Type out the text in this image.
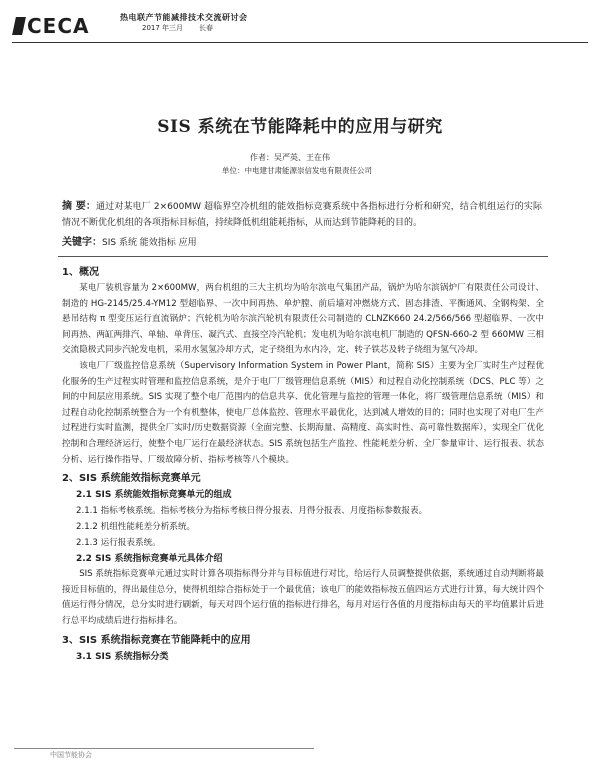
CECA	热电联产节能减排技术交流研讨会
2017 年三月 长春
SIS 系统在节能降耗中的应用与研究
作者：吴严英、王在伟
单位：中电建甘肃能源崇信发电有限责任公司
摘 要：通过对某电厂 2×600MW 超临界空冷机组的能效指标竞赛系统中各指标进行分析和研究，结合机组运行的实际情况不断优化机组的各项指标目标值，持续降低机组能耗指标，从而达到节能降耗的目的。
关键字：SIS 系统 能效指标 应用
1、概况

某电厂装机容量为 2×600MW，两台机组的三大主机均为哈尔滨电气集团产品，锅炉为哈尔滨锅炉厂有限责任公司设计、制造的 HG-2145/25.4-YM12 型超临界、一次中间再热、单炉膛、前后墙对冲燃烧方式、固态排渣、平衡通风、全钢构架、全悬吊结构 π 型变压运行直流锅炉；汽轮机为哈尔滨汽轮机有限责任公司制造的 CLNZK660 24.2/566/566 型超临界、一次中间再热、两缸两排汽、单轴、单背压、凝汽式、直接空冷汽轮机；发电机为哈尔滨电机厂制造的 QFSN-660-2 型 660MW 三相交流隐极式同步汽轮发电机，采用水氢氢冷却方式，定子绕组为水内冷，定、转子铁芯及转子绕组为氢气冷却。

该电厂厂级监控信息系统（Supervisory Information System in Power Plant，简称 SIS）主要为全厂实时生产过程优化服务的生产过程实时管理和监控信息系统，是介于电厂厂级管理信息系统（MIS）和过程自动化控制系统（DCS、PLC 等）之间的中间层应用系统。SIS 实现了整个电厂范围内的信息共享、优化管理与监控的管理一体化，将厂级管理信息系统（MIS）和过程自动化控制系统整合为一个有机整体，使电厂总体监控、管理水平最优化，达到减人增效的目的；同时也实现了对电厂生产过程进行实时监测，提供全厂实时/历史数据资源（全面完整、长期海量、高精度、高实时性、高可靠性数据库），实现全厂优化控制和合理经济运行，使整个电厂运行在最经济状态。SIS 系统包括生产监控、性能耗差分析、全厂参量审计、运行报表、状态分析、运行操作指导、厂级故障分析、指标考核等八个模块。

2、SIS 系统能效指标竞赛单元
2.1 SIS 系统能效指标竞赛单元的组成
2.1.1 指标考核系统。指标考核分为指标考核日得分报表、月得分报表、月度指标参数报表。
2.1.2 机组性能耗差分析系统。
2.1.3 运行报表系统。
2.2 SIS 系统指标竞赛单元具体介绍

SIS 系统指标竞赛单元通过实时计算各项指标得分并与目标值进行对比，给运行人员调整提供依据，系统通过自动判断将最接近目标值的，得出最佳总分，使得机组综合指标处于一个最优值；该电厂的能效指标按五值四运方式进行计算，每大统计四个值运行得分情况，总分实时进行刷新，每天对四个运行值的指标进行排名，每月对运行各值的月度指标由每天的平均值累计后进行总平均成绩后进行指标排名。

3、SIS 系统指标竞赛在节能降耗中的应用
3.1 SIS 系统指标分类
中国节能协会
